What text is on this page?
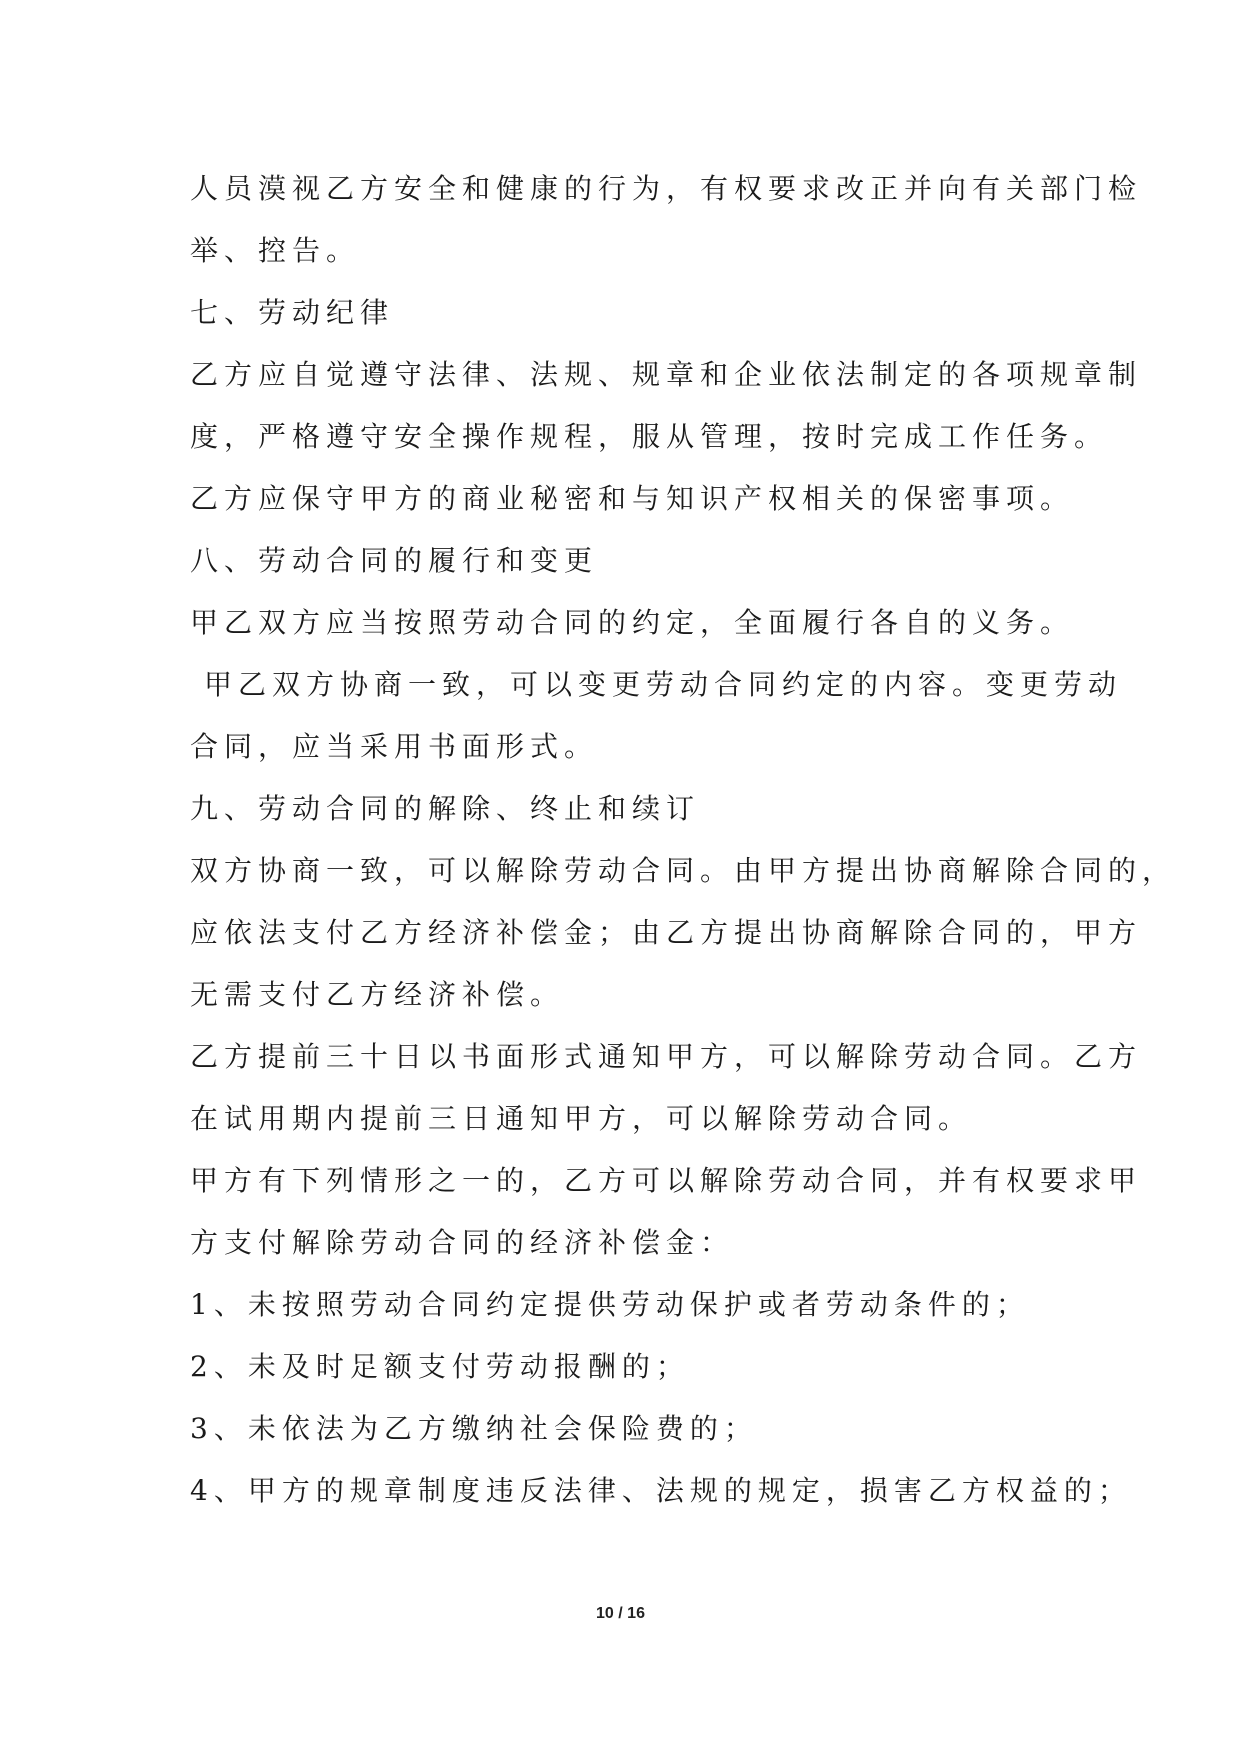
人员漠视乙方安全和健康的行为，有权要求改正并向有关部门检
举、控告。
七、劳动纪律
乙方应自觉遵守法律、法规、规章和企业依法制定的各项规章制
度，严格遵守安全操作规程，服从管理，按时完成工作任务。
乙方应保守甲方的商业秘密和与知识产权相关的保密事项。
八、劳动合同的履行和变更
甲乙双方应当按照劳动合同的约定，全面履行各自的义务。
甲乙双方协商一致，可以变更劳动合同约定的内容。变更劳动
合同，应当采用书面形式。
九、劳动合同的解除、终止和续订
双方协商一致，可以解除劳动合同。由甲方提出协商解除合同的，
应依法支付乙方经济补偿金；由乙方提出协商解除合同的，甲方
无需支付乙方经济补偿。
乙方提前三十日以书面形式通知甲方，可以解除劳动合同。乙方
在试用期内提前三日通知甲方，可以解除劳动合同。
甲方有下列情形之一的，乙方可以解除劳动合同，并有权要求甲
方支付解除劳动合同的经济补偿金：
1、未按照劳动合同约定提供劳动保护或者劳动条件的；
2、未及时足额支付劳动报酬的；
3、未依法为乙方缴纳社会保险费的；
4、甲方的规章制度违反法律、法规的规定，损害乙方权益的；
10 / 16
